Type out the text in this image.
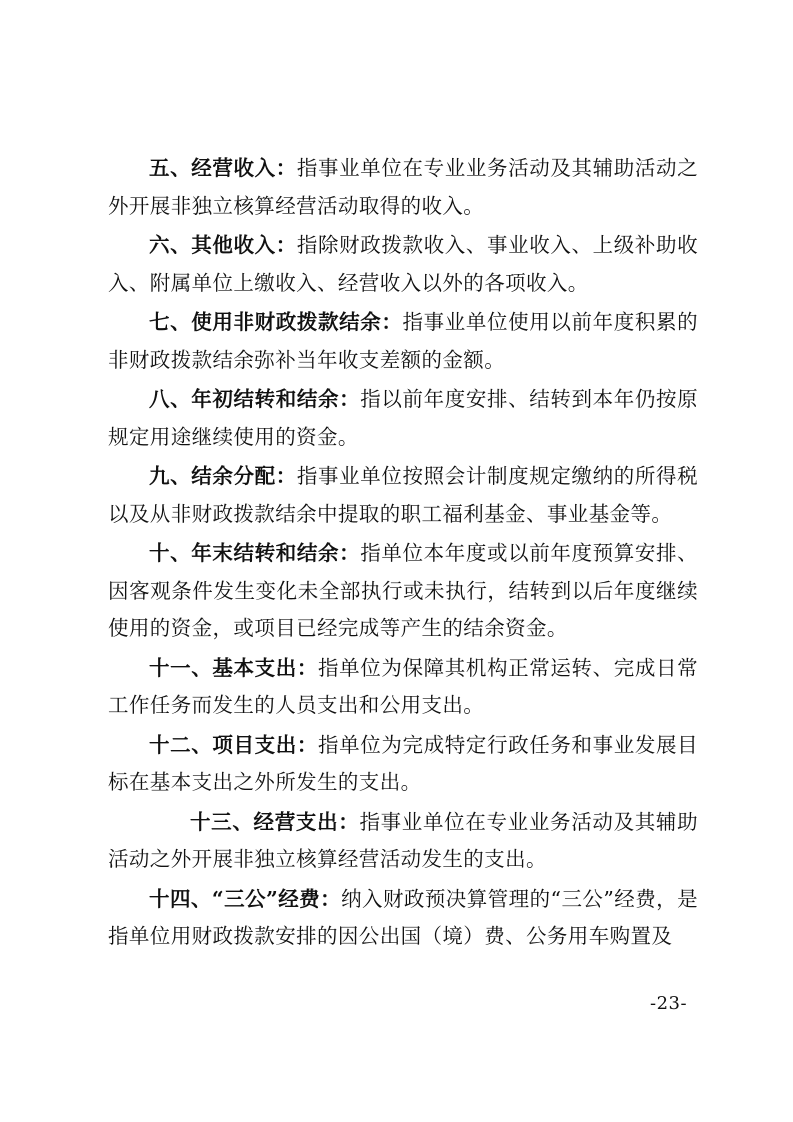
五、经营收入：指事业单位在专业业务活动及其辅助活动之外开展非独立核算经营活动取得的收入。

六、其他收入：指除财政拨款收入、事业收入、上级补助收入、附属单位上缴收入、经营收入以外的各项收入。

七、使用非财政拨款结余：指事业单位使用以前年度积累的非财政拨款结余弥补当年收支差额的金额。

八、年初结转和结余：指以前年度安排、结转到本年仍按原规定用途继续使用的资金。

九、结余分配：指事业单位按照会计制度规定缴纳的所得税以及从非财政拨款结余中提取的职工福利基金、事业基金等。

十、年末结转和结余：指单位本年度或以前年度预算安排、因客观条件发生变化未全部执行或未执行，结转到以后年度继续使用的资金，或项目已经完成等产生的结余资金。

十一、基本支出：指单位为保障其机构正常运转、完成日常工作任务而发生的人员支出和公用支出。

十二、项目支出：指单位为完成特定行政任务和事业发展目标在基本支出之外所发生的支出。

十三、经营支出：指事业单位在专业业务活动及其辅助活动之外开展非独立核算经营活动发生的支出。

十四、“三公”经费：纳入财政预决算管理的“三公”经费，是指单位用财政拨款安排的因公出国（境）费、公务用车购置及

-23-
